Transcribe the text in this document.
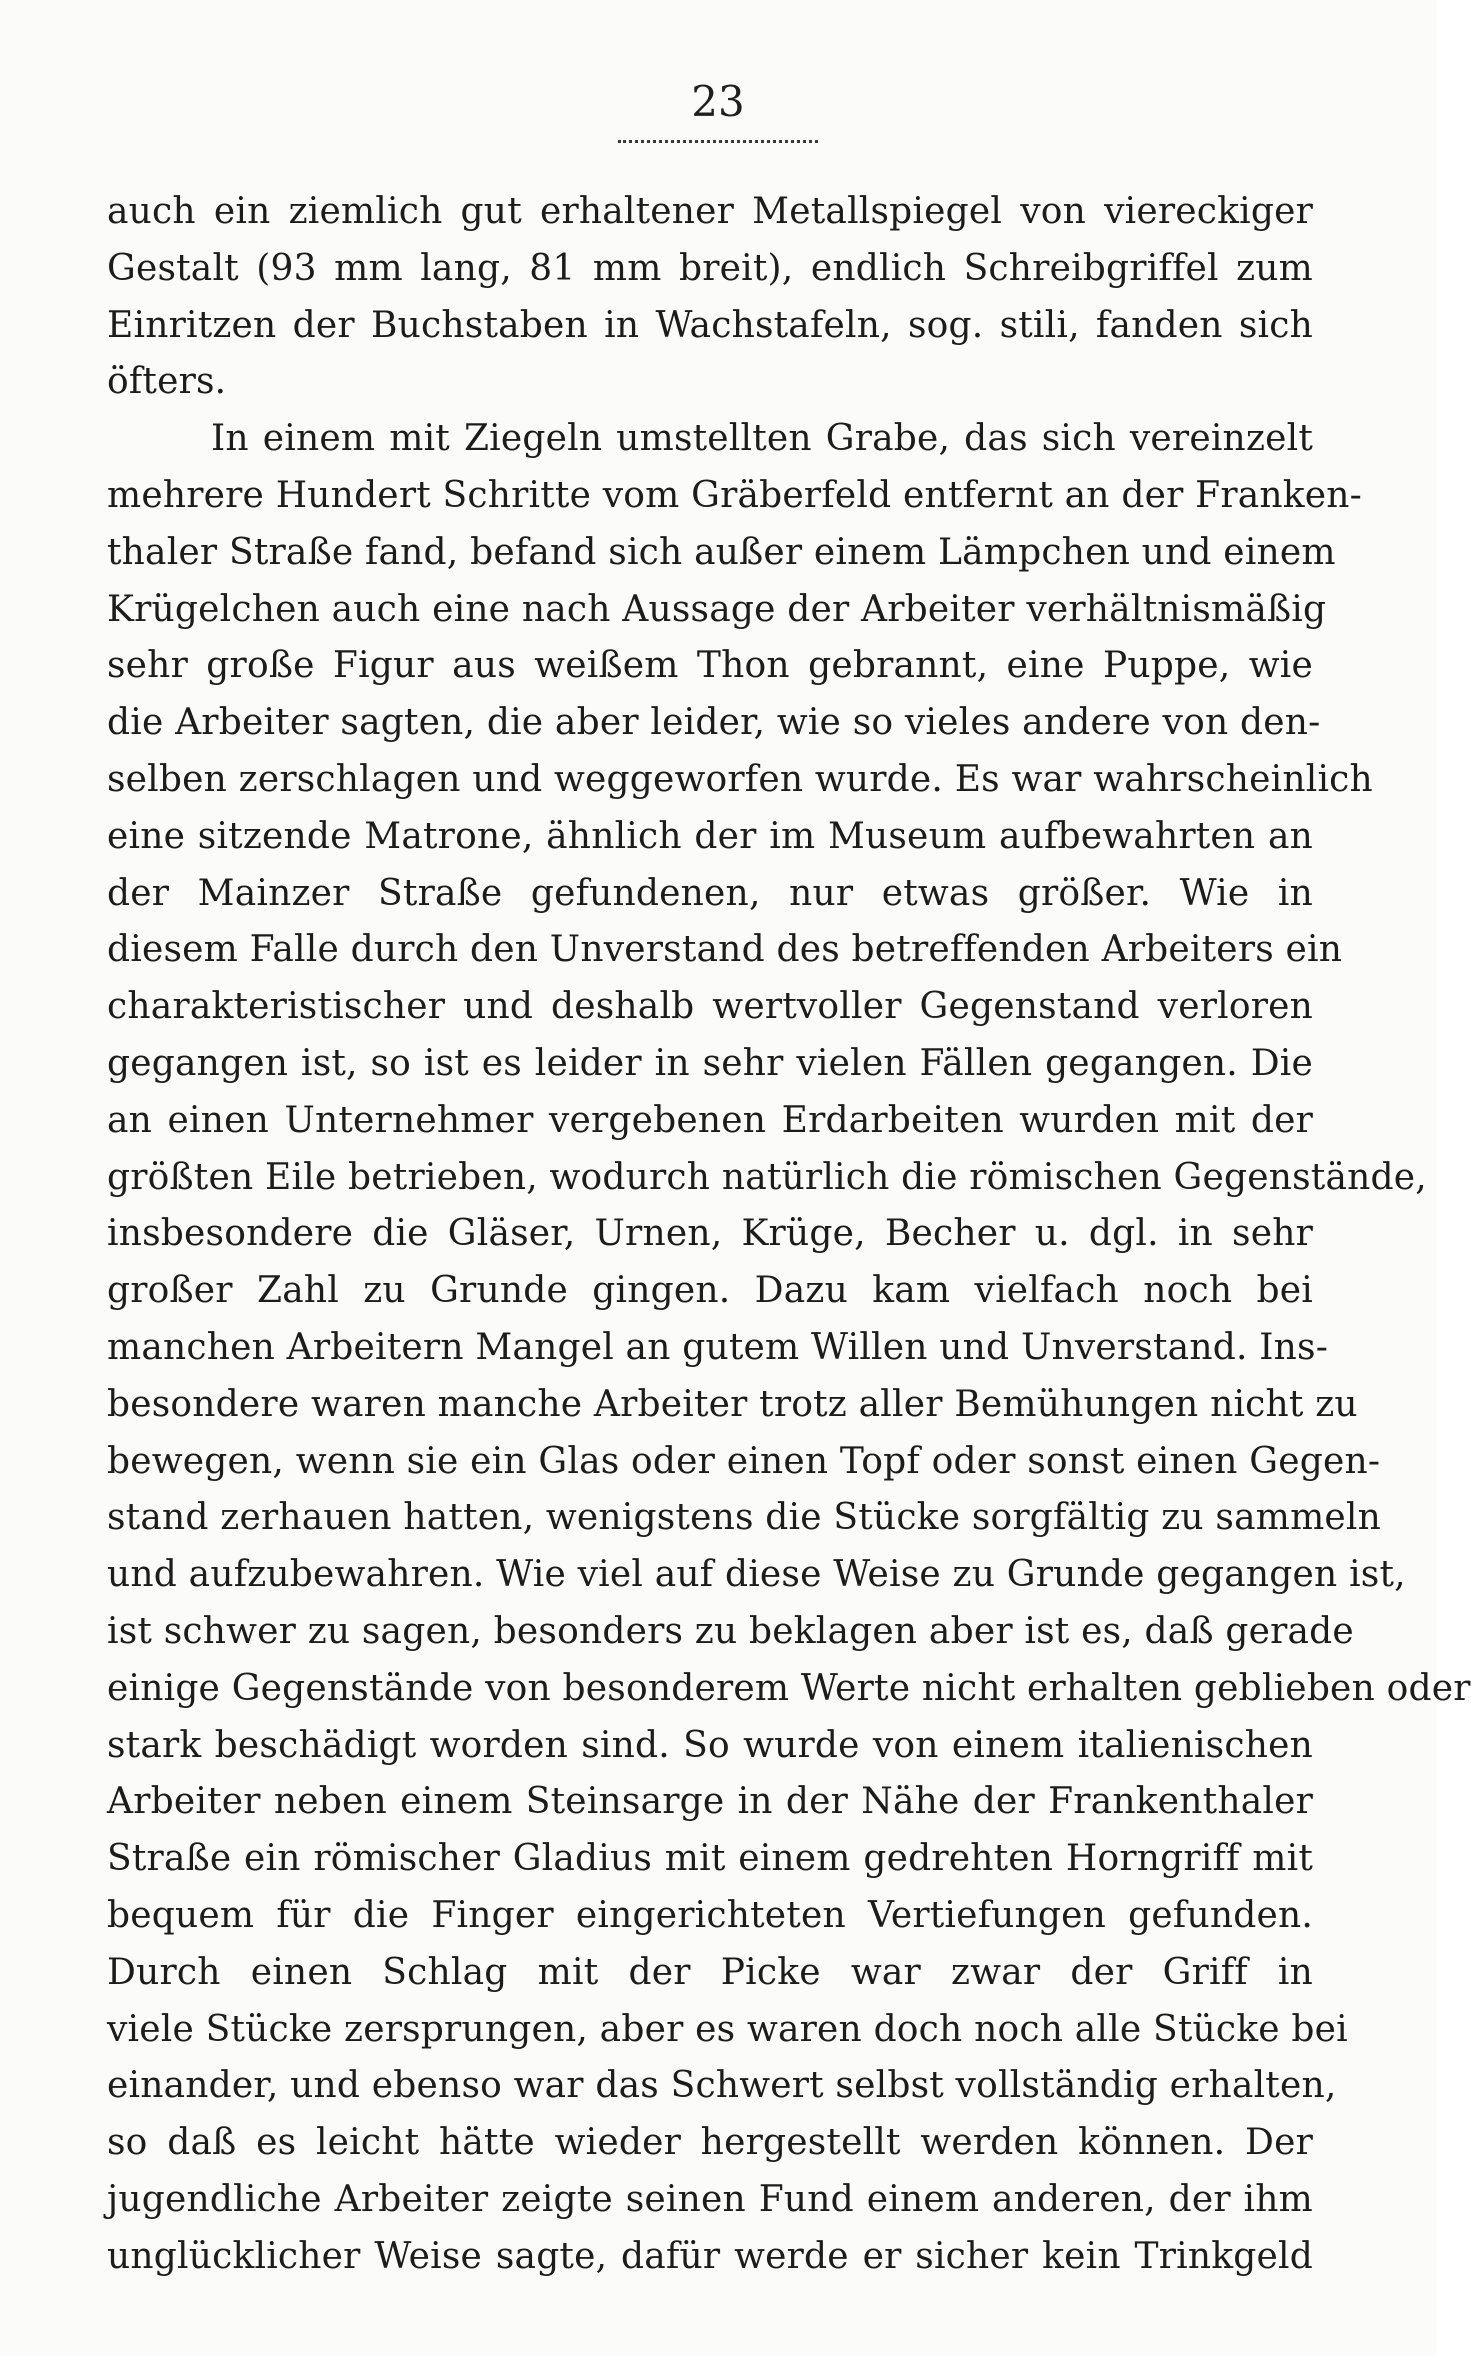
23
auch ein ziemlich gut erhaltener Metallspiegel von viereckiger
Gestalt (93 mm lang, 81 mm breit), endlich Schreibgriffel zum
Einritzen der Buchstaben in Wachstafeln, sog. stili, fanden sich
öfters.
In einem mit Ziegeln umstellten Grabe, das sich vereinzelt
mehrere Hundert Schritte vom Gräberfeld entfernt an der Franken-
thaler Straße fand, befand sich außer einem Lämpchen und einem
Krügelchen auch eine nach Aussage der Arbeiter verhältnismäßig
sehr große Figur aus weißem Thon gebrannt, eine Puppe, wie
die Arbeiter sagten, die aber leider, wie so vieles andere von den-
selben zerschlagen und weggeworfen wurde. Es war wahrscheinlich
eine sitzende Matrone, ähnlich der im Museum aufbewahrten an
der Mainzer Straße gefundenen, nur etwas größer. Wie in
diesem Falle durch den Unverstand des betreffenden Arbeiters ein
charakteristischer und deshalb wertvoller Gegenstand verloren
gegangen ist, so ist es leider in sehr vielen Fällen gegangen. Die
an einen Unternehmer vergebenen Erdarbeiten wurden mit der
größten Eile betrieben, wodurch natürlich die römischen Gegenstände,
insbesondere die Gläser, Urnen, Krüge, Becher u. dgl. in sehr
großer Zahl zu Grunde gingen. Dazu kam vielfach noch bei
manchen Arbeitern Mangel an gutem Willen und Unverstand. Ins-
besondere waren manche Arbeiter trotz aller Bemühungen nicht zu
bewegen, wenn sie ein Glas oder einen Topf oder sonst einen Gegen-
stand zerhauen hatten, wenigstens die Stücke sorgfältig zu sammeln
und aufzubewahren. Wie viel auf diese Weise zu Grunde gegangen ist,
ist schwer zu sagen, besonders zu beklagen aber ist es, daß gerade
einige Gegenstände von besonderem Werte nicht erhalten geblieben oder
stark beschädigt worden sind. So wurde von einem italienischen
Arbeiter neben einem Steinsarge in der Nähe der Frankenthaler
Straße ein römischer Gladius mit einem gedrehten Horngriff mit
bequem für die Finger eingerichteten Vertiefungen gefunden.
Durch einen Schlag mit der Picke war zwar der Griff in
viele Stücke zersprungen, aber es waren doch noch alle Stücke bei
einander, und ebenso war das Schwert selbst vollständig erhalten,
so daß es leicht hätte wieder hergestellt werden können. Der
jugendliche Arbeiter zeigte seinen Fund einem anderen, der ihm
unglücklicher Weise sagte, dafür werde er sicher kein Trinkgeld
